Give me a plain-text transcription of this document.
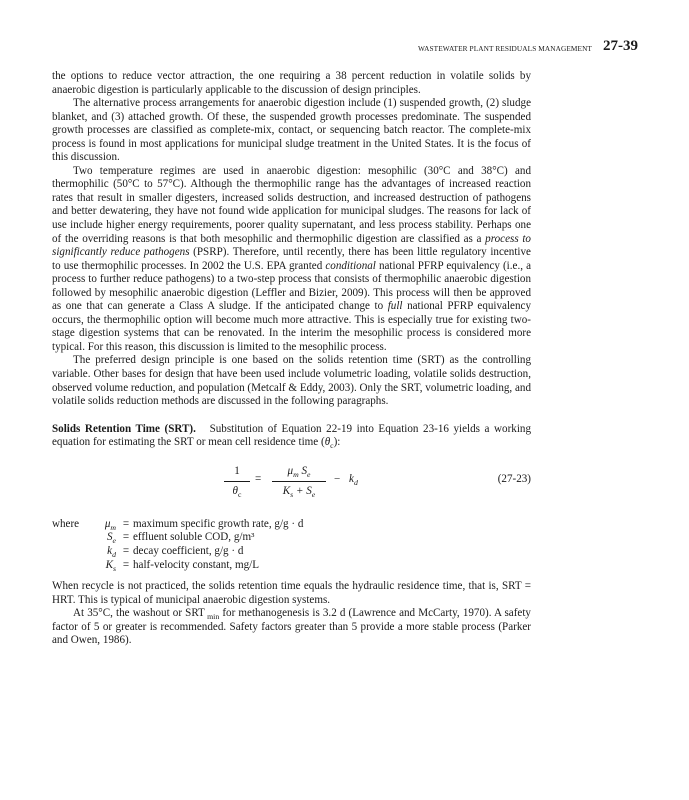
WASTEWATER PLANT RESIDUALS MANAGEMENT 27-39

the options to reduce vector attraction, the one requiring a 38 percent reduction in volatile solids by anaerobic digestion is particularly applicable to the discussion of design principles.

The alternative process arrangements for anaerobic digestion include (1) suspended growth, (2) sludge blanket, and (3) attached growth. Of these, the suspended growth processes predominate. The suspended growth processes are classified as complete-mix, contact, or sequencing batch reactor. The complete-mix process is found in most applications for municipal sludge treatment in the United States. It is the focus of this discussion.

Two temperature regimes are used in anaerobic digestion: mesophilic (30°C and 38°C) and thermophilic (50°C to 57°C). Although the thermophilic range has the advantages of increased reaction rates that result in smaller digesters, increased solids destruction, and increased destruction of pathogens and better dewatering, they have not found wide application for municipal sludges. The reasons for lack of use include higher energy requirements, poorer quality supernatant, and less process stability. Perhaps one of the overriding reasons is that both mesophilic and thermophilic digestion are classified as a process to significantly reduce pathogens (PSRP). Therefore, until recently, there has been little regulatory incentive to use thermophilic processes. In 2002 the U.S. EPA granted conditional national PFRP equivalency (i.e., a process to further reduce pathogens) to a two-step process that consists of thermophilic anaerobic digestion followed by mesophilic anaerobic digestion (Leffler and Bizier, 2009). This process will then be approved as one that can generate a Class A sludge. If the anticipated change to full national PFRP equivalency occurs, the thermophilic option will become much more attractive. This is especially true for existing two-stage digestion systems that can be renovated. In the interim the mesophilic process is considered more typical. For this reason, this discussion is limited to the mesophilic process.

The preferred design principle is one based on the solids retention time (SRT) as the controlling variable. Other bases for design that have been used include volumetric loading, volatile solids destruction, observed volume reduction, and population (Metcalf & Eddy, 2003). Only the SRT, volumetric loading, and volatile solids reduction methods are discussed in the following paragraphs.

Solids Retention Time (SRT). Substitution of Equation 22-19 into Equation 23-16 yields a working equation for estimating the SRT or mean cell residence time $(\theta_c)$:

1
$\theta_c$
=
$\mu_m$ $S_e$
$K_s + S_e$
− $k_d$	(27-23)
where	$\mu_m$ = maximum specific growth rate, g/g · d
$S_e$ = effluent soluble COD, g/m³
$k_d$ = decay coefficient, g/g · d
$K_s$ = half-velocity constant, mg/L

When recycle is not practiced, the solids retention time equals the hydraulic residence time, that is, SRT = HRT. This is typical of municipal anaerobic digestion systems.

At 35°C, the washout or SRT $_{min}$ for methanogenesis is 3.2 d (Lawrence and McCarty, 1970). A safety factor of 5 or greater is recommended. Safety factors greater than 5 provide a more stable process (Parker and Owen, 1986).
